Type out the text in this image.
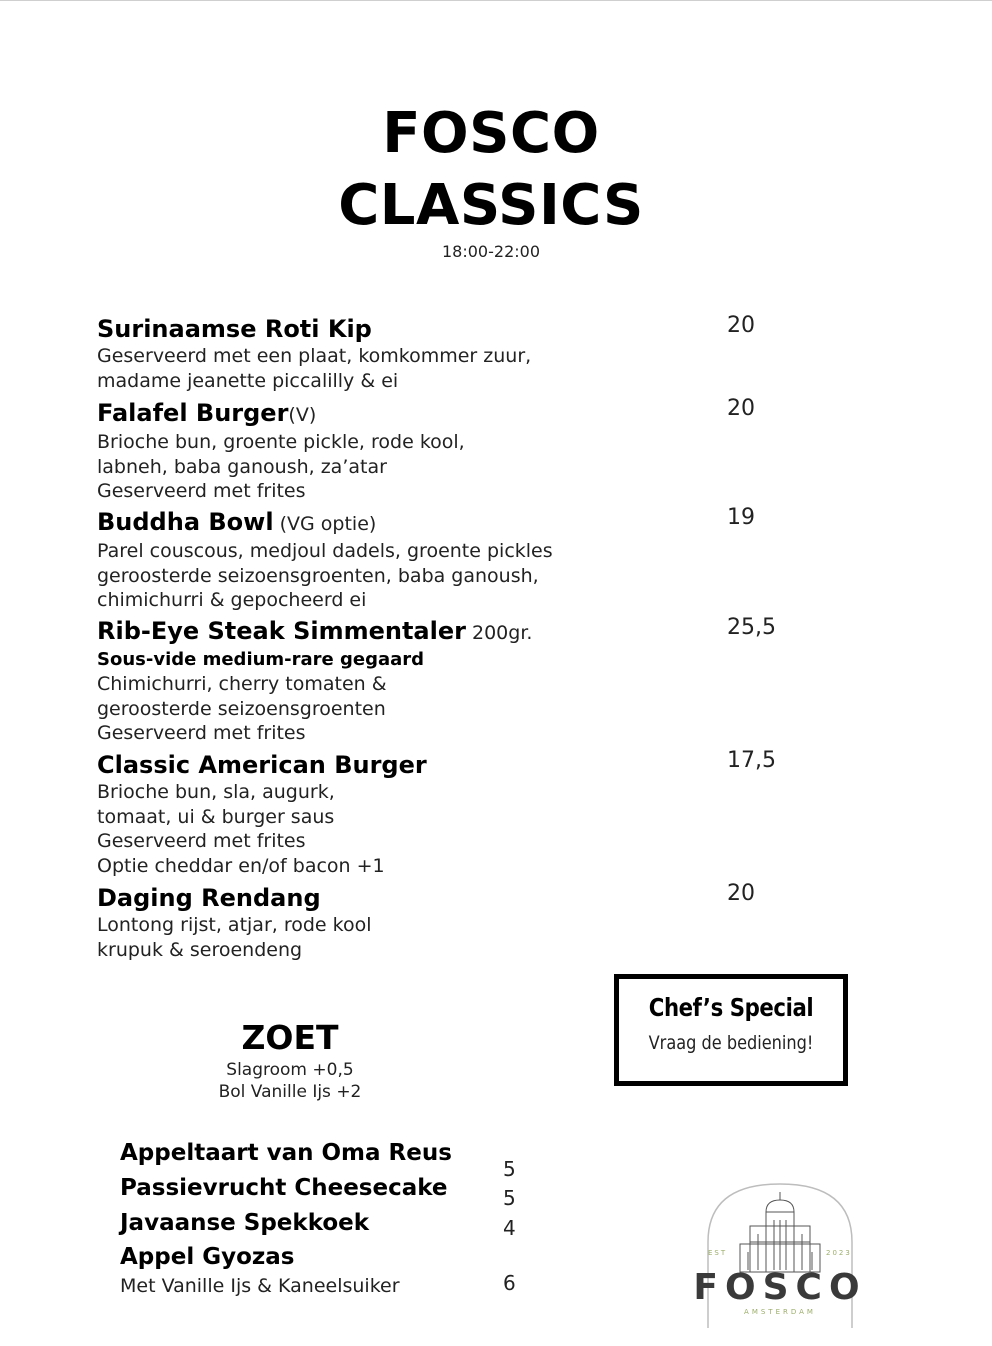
FOSCO
CLASSICS
18:00-22:00
Surinaamse Roti Kip
Geserveerd met een plaat, komkommer zuur,
madame jeanette piccalilly & ei
20
Falafel Burger(V)
Brioche bun, groente pickle, rode kool,
labneh, baba ganoush, za’atar
Geserveerd met frites
20
Buddha Bowl (VG optie)
Parel couscous, medjoul dadels, groente pickles
geroosterde seizoensgroenten, baba ganoush,
chimichurri & gepocheerd ei
19
Rib-Eye Steak Simmentaler 200gr.
Sous-vide medium-rare gegaard
Chimichurri, cherry tomaten &
geroosterde seizoensgroenten
Geserveerd met frites
25,5
Classic American Burger
Brioche bun, sla, augurk,
tomaat, ui & burger saus
Geserveerd met frites
Optie cheddar en/of bacon +1
17,5
Daging Rendang
Lontong rijst, atjar, rode kool
krupuk & seroendeng
20
Chef’s Special
Vraag de bediening!
ZOET
Slagroom +0,5
Bol Vanille Ijs +2
Appeltaart van Oma Reus
5
Passievrucht Cheesecake	5
Javaanse Spekkoek	4
Appel Gyozas
Met Vanille Ijs & Kaneelsuiker	6
EST	2023
FOSCO
AMSTERDAM
